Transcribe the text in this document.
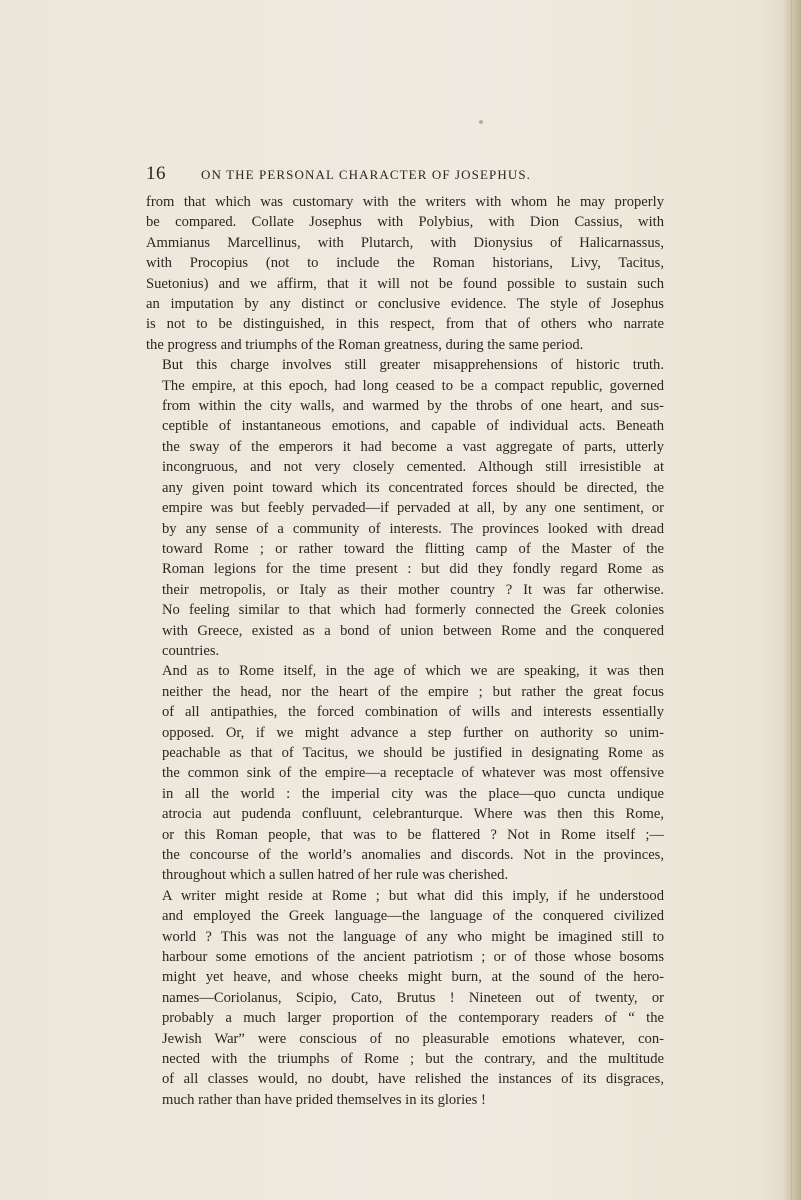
16	ON THE PERSONAL CHARACTER OF JOSEPHUS.

from that which was customary with the writers with whom he may properly
be compared. Collate Josephus with Polybius, with Dion Cassius, with
Ammianus Marcellinus, with Plutarch, with Dionysius of Halicarnassus,
with Procopius (not to include the Roman historians, Livy, Tacitus,
Suetonius) and we affirm, that it will not be found possible to sustain such
an imputation by any distinct or conclusive evidence. The style of Josephus
is not to be distinguished, in this respect, from that of others who narrate
the progress and triumphs of the Roman greatness, during the same period.

But this charge involves still greater misapprehensions of historic truth.
The empire, at this epoch, had long ceased to be a compact republic, governed
from within the city walls, and warmed by the throbs of one heart, and sus-
ceptible of instantaneous emotions, and capable of individual acts. Beneath
the sway of the emperors it had become a vast aggregate of parts, utterly
incongruous, and not very closely cemented. Although still irresistible at
any given point toward which its concentrated forces should be directed, the
empire was but feebly pervaded—if pervaded at all, by any one sentiment, or
by any sense of a community of interests. The provinces looked with dread
toward Rome ; or rather toward the flitting camp of the Master of the
Roman legions for the time present : but did they fondly regard Rome as
their metropolis, or Italy as their mother country ? It was far otherwise.
No feeling similar to that which had formerly connected the Greek colonies
with Greece, existed as a bond of union between Rome and the conquered
countries.

And as to Rome itself, in the age of which we are speaking, it was then
neither the head, nor the heart of the empire ; but rather the great focus
of all antipathies, the forced combination of wills and interests essentially
opposed. Or, if we might advance a step further on authority so unim-
peachable as that of Tacitus, we should be justified in designating Rome as
the common sink of the empire—a receptacle of whatever was most offensive
in all the world : the imperial city was the place—quo cuncta undique
atrocia aut pudenda confluunt, celebranturque. Where was then this Rome,
or this Roman people, that was to be flattered ? Not in Rome itself ;—
the concourse of the world’s anomalies and discords. Not in the provinces,
throughout which a sullen hatred of her rule was cherished.

A writer might reside at Rome ; but what did this imply, if he understood
and employed the Greek language—the language of the conquered civilized
world ? This was not the language of any who might be imagined still to
harbour some emotions of the ancient patriotism ; or of those whose bosoms
might yet heave, and whose cheeks might burn, at the sound of the hero-
names—Coriolanus, Scipio, Cato, Brutus ! Nineteen out of twenty, or
probably a much larger proportion of the contemporary readers of “ the
Jewish War” were conscious of no pleasurable emotions whatever, con-
nected with the triumphs of Rome ; but the contrary, and the multitude
of all classes would, no doubt, have relished the instances of its disgraces,
much rather than have prided themselves in its glories !
